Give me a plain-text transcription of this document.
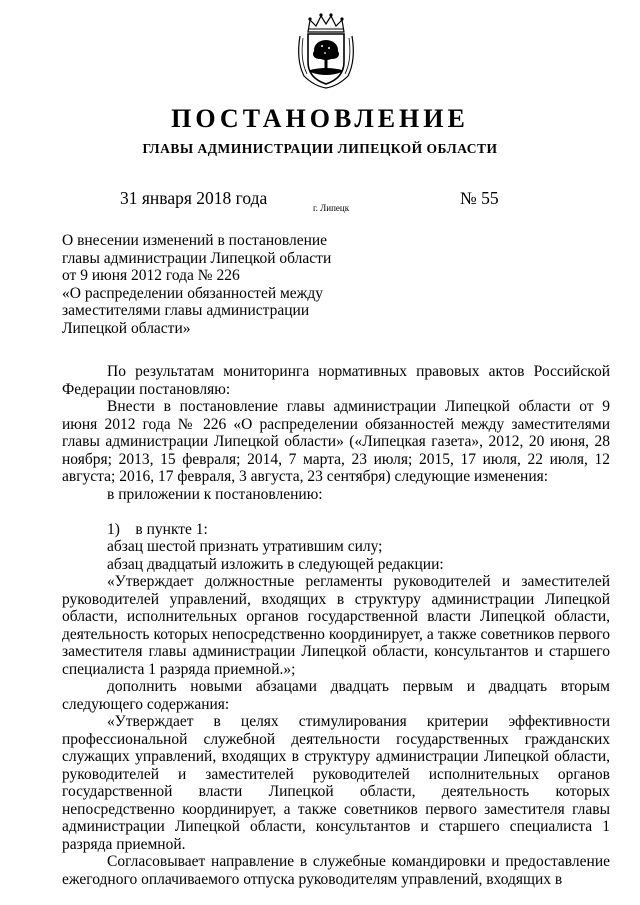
ПОСТАНОВЛЕНИЕ
ГЛАВЫ АДМИНИСТРАЦИИ ЛИПЕЦКОЙ ОБЛАСТИ
31 января 2018 года	г. Липецк	№ 55
О внесении изменений в постановление
главы администрации Липецкой области
от 9 июня 2012 года № 226
«О распределении обязанностей между
заместителями главы администрации
Липецкой области»

По результатам мониторинга нормативных правовых актов Российской Федерации постановляю:

Внести в постановление главы администрации Липецкой области от 9 июня 2012 года № 226 «О распределении обязанностей между заместителями главы администрации Липецкой области» («Липецкая газета», 2012, 20 июня, 28 ноября; 2013, 15 февраля; 2014, 7 марта, 23 июля; 2015, 17 июля, 22 июля, 12 августа; 2016, 17 февраля, 3 августа, 23 сентября) следующие изменения:

в приложении к постановлению:

1)    в пункте 1:

абзац шестой признать утратившим силу;

абзац двадцатый изложить в следующей редакции:

«Утверждает должностные регламенты руководителей и заместителей руководителей управлений, входящих в структуру администрации Липецкой области, исполнительных органов государственной власти Липецкой области, деятельность которых непосредственно координирует, а также советников первого заместителя главы администрации Липецкой области, консультантов и старшего специалиста 1 разряда приемной.»;

дополнить новыми абзацами двадцать первым и двадцать вторым следующего содержания:

«Утверждает в целях стимулирования критерии эффективности профессиональной служебной деятельности государственных гражданских служащих управлений, входящих в структуру администрации Липецкой области, руководителей и заместителей руководителей исполнительных органов государственной власти Липецкой области, деятельность которых непосредственно координирует, а также советников первого заместителя главы администрации Липецкой области, консультантов и старшего специалиста 1 разряда приемной.

Согласовывает направление в служебные командировки и предоставление ежегодного оплачиваемого отпуска руководителям управлений, входящих в
